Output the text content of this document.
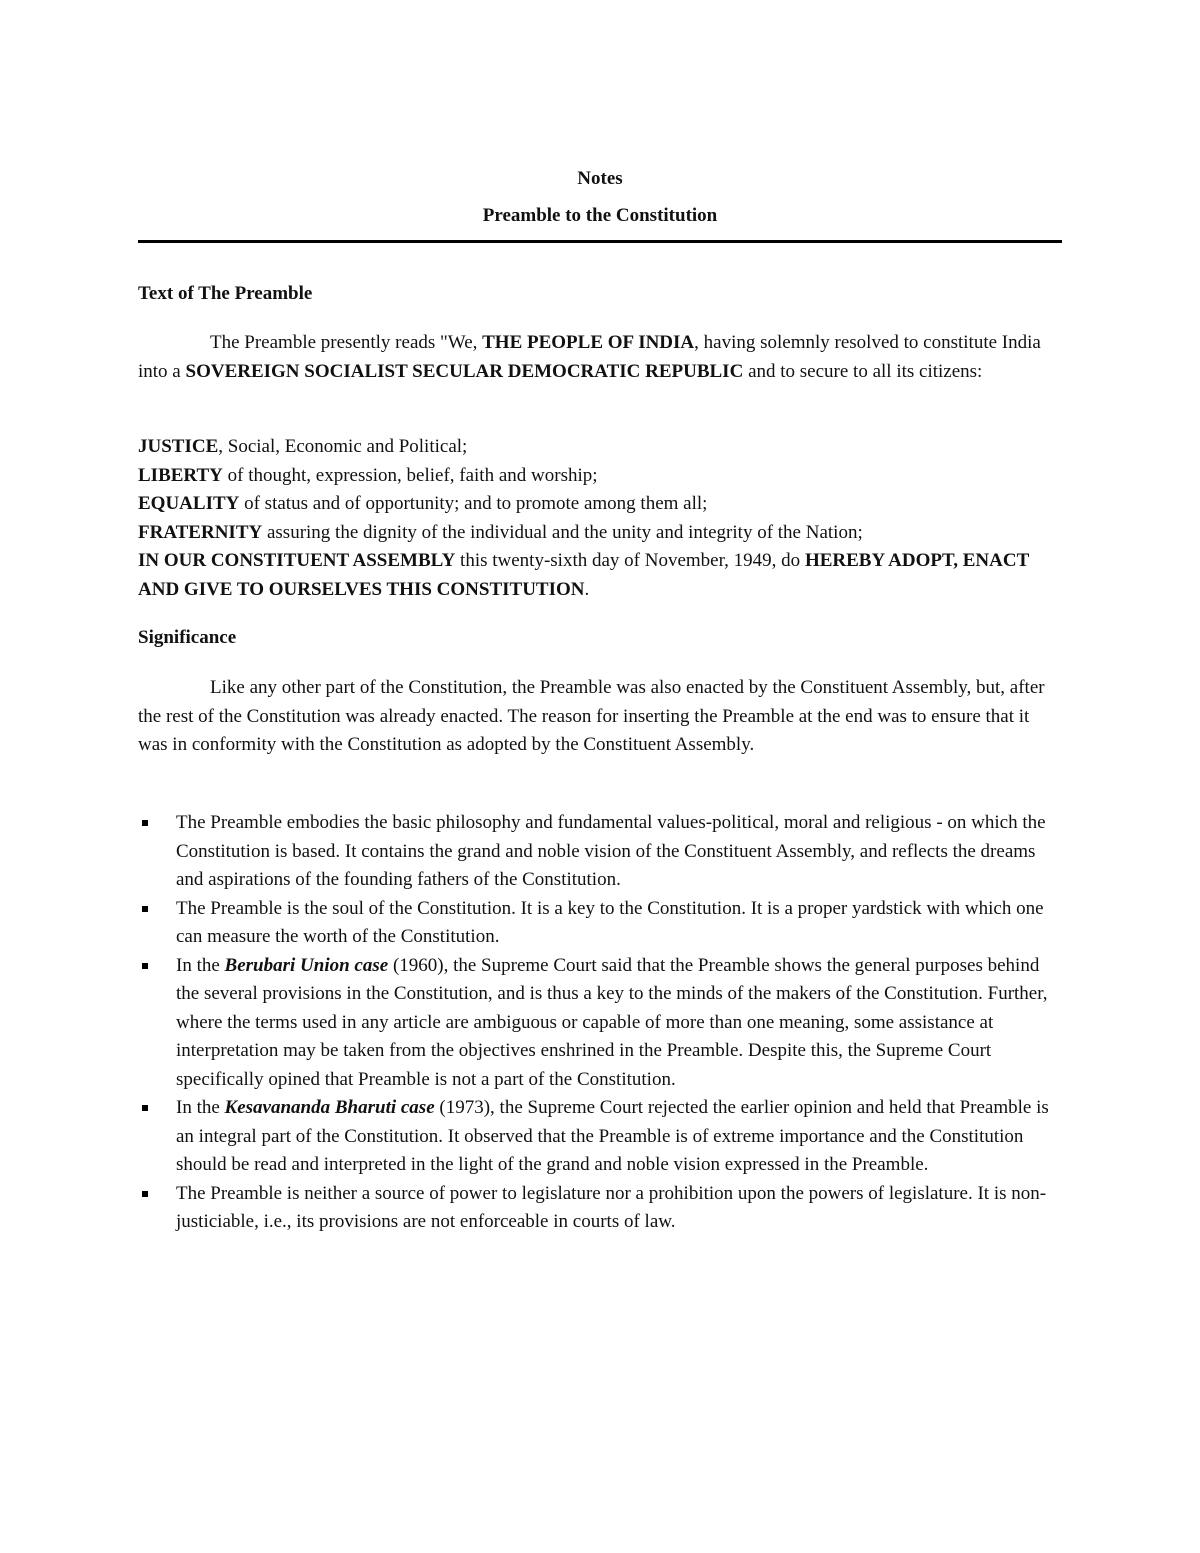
Notes

Preamble to the Constitution

Text of The Preamble

The Preamble presently reads "We, THE PEOPLE OF INDIA, having solemnly resolved to constitute India into a SOVEREIGN SOCIALIST SECULAR DEMOCRATIC REPUBLIC and to secure to all its citizens:

JUSTICE, Social, Economic and Political;
LIBERTY of thought, expression, belief, faith and worship;
EQUALITY of status and of opportunity; and to promote among them all;
FRATERNITY assuring the dignity of the individual and the unity and integrity of the Nation;
IN OUR CONSTITUENT ASSEMBLY this twenty-sixth day of November, 1949, do HEREBY ADOPT, ENACT AND GIVE TO OURSELVES THIS CONSTITUTION.

Significance

Like any other part of the Constitution, the Preamble was also enacted by the Constituent Assembly, but, after the rest of the Constitution was already enacted. The reason for inserting the Preamble at the end was to ensure that it was in conformity with the Constitution as adopted by the Constituent Assembly.

The Preamble embodies the basic philosophy and fundamental values-political, moral and religious - on which the Constitution is based. It contains the grand and noble vision of the Constituent Assembly, and reflects the dreams and aspirations of the founding fathers of the Constitution.
The Preamble is the soul of the Constitution. It is a key to the Constitution. It is a proper yardstick with which one can measure the worth of the Constitution.
In the Berubari Union case (1960), the Supreme Court said that the Preamble shows the general purposes behind the several provisions in the Constitution, and is thus a key to the minds of the makers of the Constitution. Further, where the terms used in any article are ambiguous or capable of more than one meaning, some assistance at interpretation may be taken from the objectives enshrined in the Preamble. Despite this, the Supreme Court specifically opined that Preamble is not a part of the Constitution.
In the Kesavananda Bharuti case (1973), the Supreme Court rejected the earlier opinion and held that Preamble is an integral part of the Constitution. It observed that the Preamble is of extreme importance and the Constitution should be read and interpreted in the light of the grand and noble vision expressed in the Preamble.
The Preamble is neither a source of power to legislature nor a prohibition upon the powers of legislature. It is non-justiciable, i.e., its provisions are not enforceable in courts of law.
